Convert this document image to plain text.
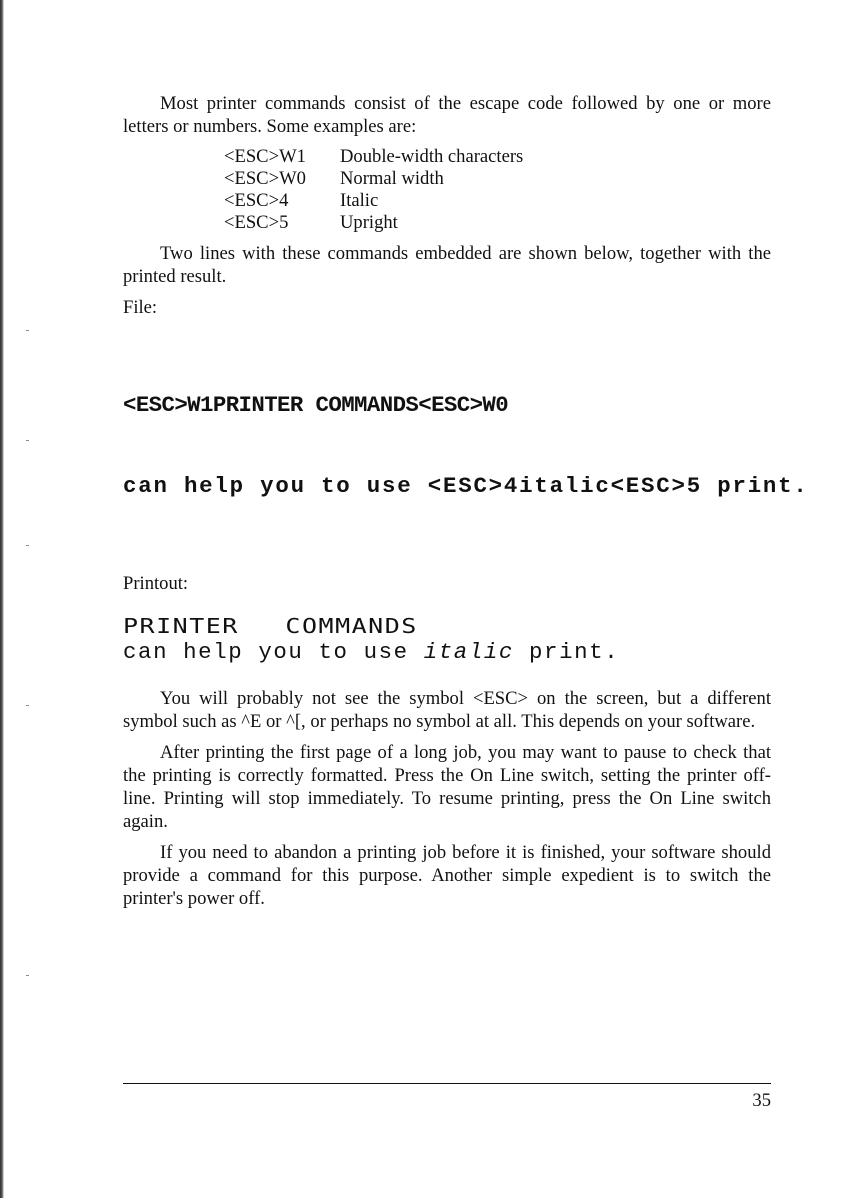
Most printer commands consist of the escape code followed by one or more letters or numbers. Some examples are:

<ESC>W1	Double-width characters
<ESC>W0	Normal width
<ESC>4	Italic
<ESC>5	Upright

Two lines with these commands embedded are shown below, together with the printed result.

File:

<ESC>W1PRINTER COMMANDS<ESC>W0

can help you to use <ESC>4italic<ESC>5 print.

Printout:

PRINTER COMMANDS
can help you to use italic print.

You will probably not see the symbol <ESC> on the screen, but a different symbol such as ^E or ^[, or perhaps no symbol at all. This depends on your software.

After printing the first page of a long job, you may want to pause to check that the printing is correctly formatted. Press the On Line switch, setting the printer off-line. Printing will stop immediately. To resume printing, press the On Line switch again.

If you need to abandon a printing job before it is finished, your software should provide a command for this purpose. Another simple expedient is to switch the printer's power off.

35
